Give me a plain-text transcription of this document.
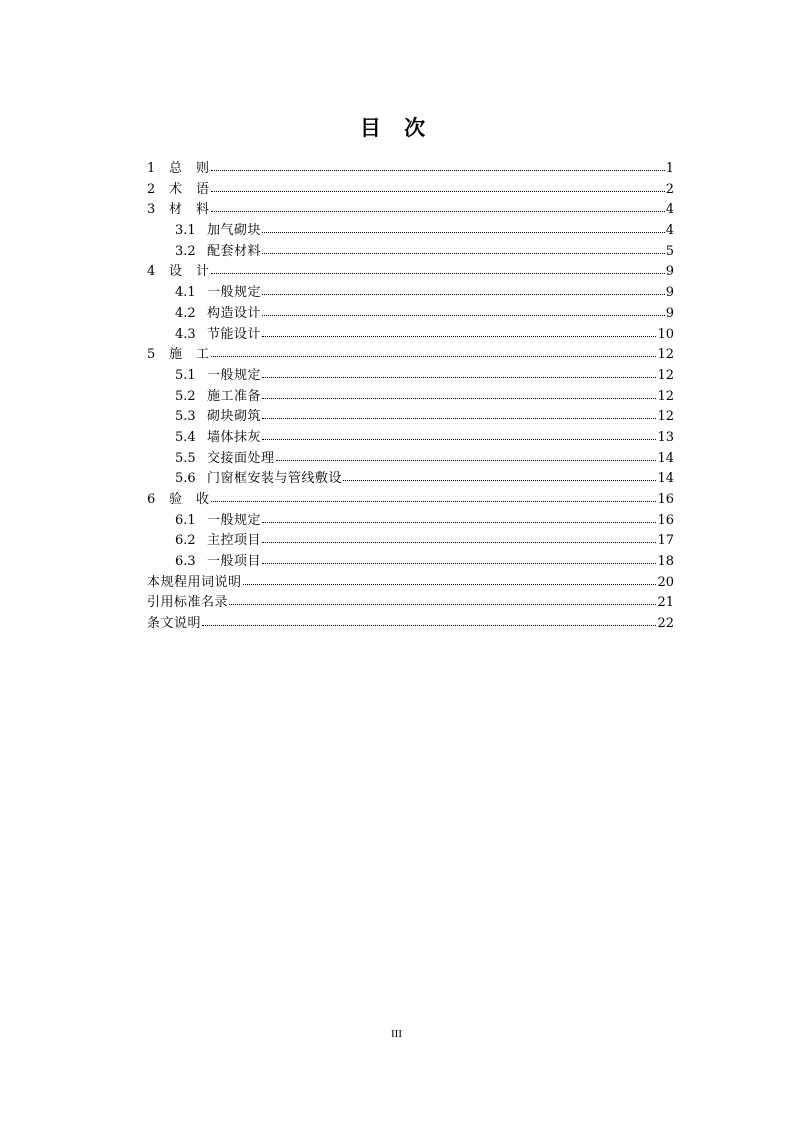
目 次
1	总　则	1
2	术　语	2
3	材　料	4
3.1 加气砌块	4
3.2 配套材料	5
4	设　计	9
4.1 一般规定	9
4.2 构造设计	9
4.3 节能设计	10
5	施　工	12
5.1 一般规定	12
5.2 施工准备	12
5.3 砌块砌筑	12
5.4 墙体抹灰	13
5.5 交接面处理	14
5.6 门窗框安装与管线敷设	14
6	验　收	16
6.1 一般规定	16
6.2 主控项目	17
6.3 一般项目	18
本规程用词说明	20
引用标准名录	21
条文说明	22
III
